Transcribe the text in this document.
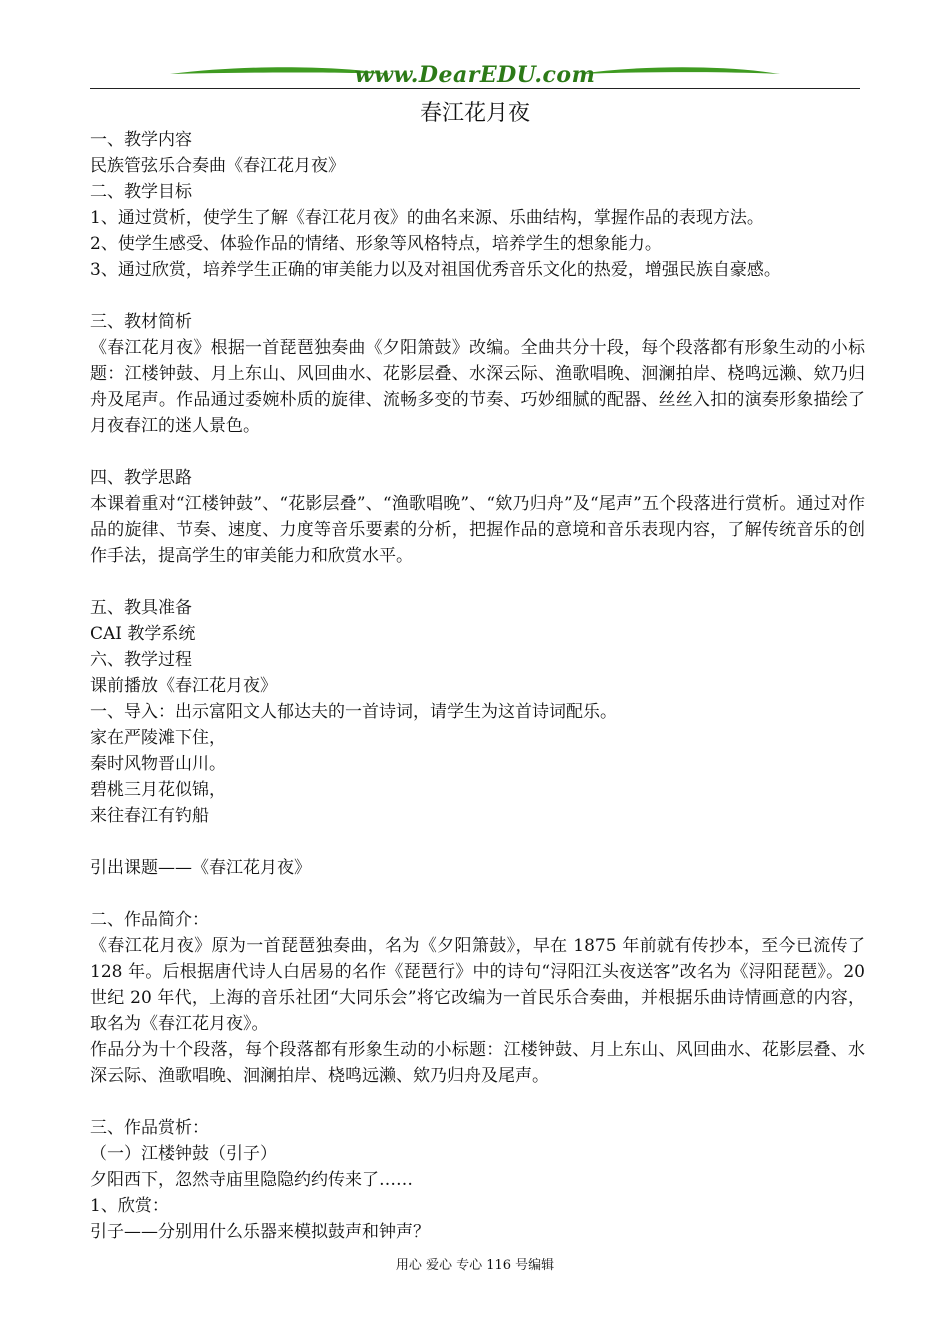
www.DearEDU.com
春江花月夜
一、教学内容
民族管弦乐合奏曲《春江花月夜》
二、教学目标
1、通过赏析，使学生了解《春江花月夜》的曲名来源、乐曲结构，掌握作品的表现方法。
2、使学生感受、体验作品的情绪、形象等风格特点，培养学生的想象能力。
3、通过欣赏，培养学生正确的审美能力以及对祖国优秀音乐文化的热爱，增强民族自豪感。
三、教材简析
《春江花月夜》根据一首琵琶独奏曲《夕阳箫鼓》改编。全曲共分十段，每个段落都有形象生动的小标题：江楼钟鼓、月上东山、风回曲水、花影层叠、水深云际、渔歌唱晚、洄澜拍岸、桡鸣远濑、欸乃归舟及尾声。作品通过委婉朴质的旋律、流畅多变的节奏、巧妙细腻的配器、丝丝入扣的演奏形象描绘了月夜春江的迷人景色。
四、教学思路
本课着重对“江楼钟鼓”、“花影层叠”、“渔歌唱晚”、“欸乃归舟”及“尾声”五个段落进行赏析。通过对作品的旋律、节奏、速度、力度等音乐要素的分析，把握作品的意境和音乐表现内容，了解传统音乐的创作手法，提高学生的审美能力和欣赏水平。
五、教具准备
CAI 教学系统
六、教学过程
课前播放《春江花月夜》
一、导入：出示富阳文人郁达夫的一首诗词，请学生为这首诗词配乐。
家在严陵滩下住，
秦时风物晋山川。
碧桃三月花似锦，
来往春江有钓船
引出课题——《春江花月夜》
二、作品简介：
《春江花月夜》原为一首琵琶独奏曲，名为《夕阳箫鼓》，早在 1875 年前就有传抄本，至今已流传了 128 年。后根据唐代诗人白居易的名作《琵琶行》中的诗句“浔阳江头夜送客”改名为《浔阳琵琶》。20 世纪 20 年代，上海的音乐社团“大同乐会”将它改编为一首民乐合奏曲，并根据乐曲诗情画意的内容，取名为《春江花月夜》。
作品分为十个段落，每个段落都有形象生动的小标题：江楼钟鼓、月上东山、风回曲水、花影层叠、水深云际、渔歌唱晚、洄澜拍岸、桡鸣远濑、欸乃归舟及尾声。
三、作品赏析：
（一）江楼钟鼓（引子）
夕阳西下，忽然寺庙里隐隐约约传来了……
1、欣赏：
引子——分别用什么乐器来模拟鼓声和钟声？
用心 爱心 专心 116 号编辑
